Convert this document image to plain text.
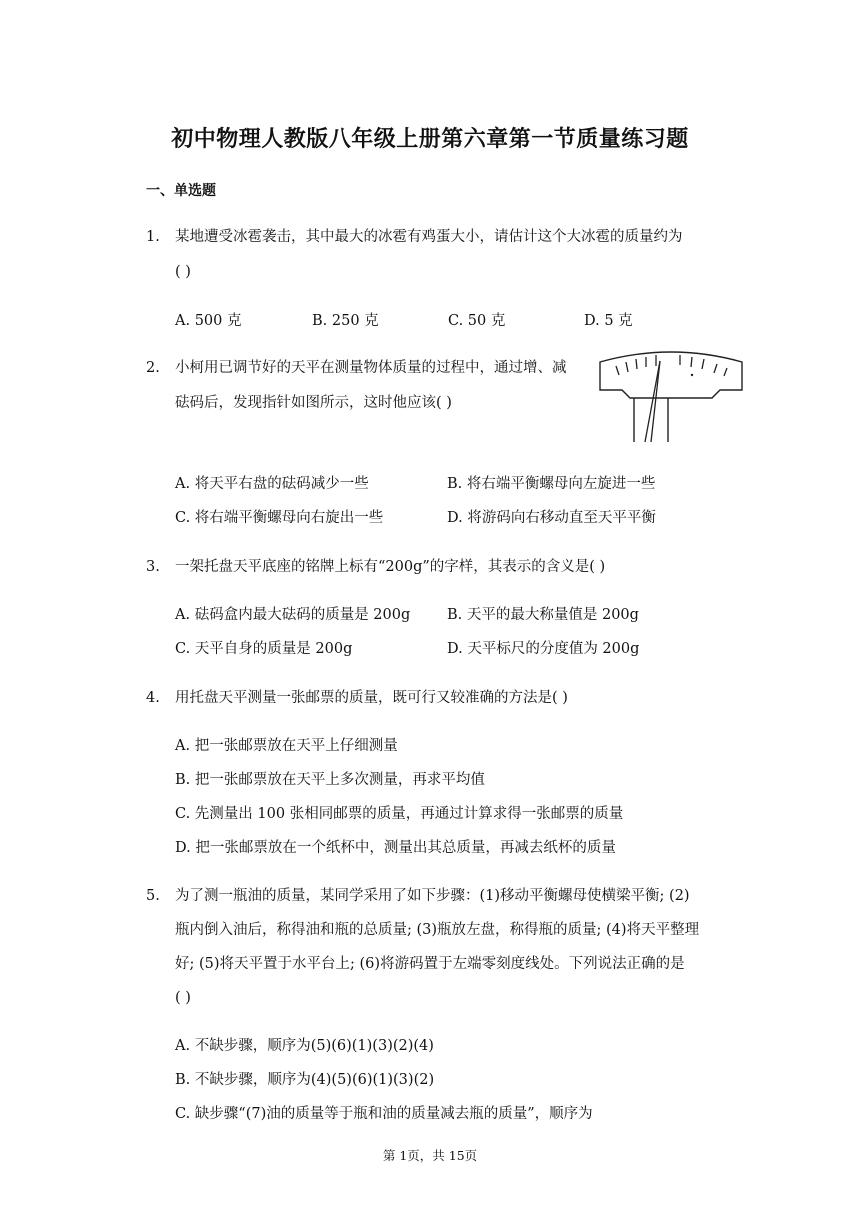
初中物理人教版八年级上册第六章第一节质量练习题
一、单选题
1. 某地遭受冰雹袭击，其中最大的冰雹有鸡蛋大小，请估计这个大冰雹的质量约为
( )
A. 500 克	B. 250 克	C. 50 克	D. 5 克
2. 小柯用已调节好的天平在测量物体质量的过程中，通过增、减
砝码后，发现指针如图所示，这时他应该( )
A. 将天平右盘的砝码减少一些	B. 将右端平衡螺母向左旋进一些
C. 将右端平衡螺母向右旋出一些	D. 将游码向右移动直至天平平衡
3. 一架托盘天平底座的铭牌上标有“200g”的字样，其表示的含义是( )
A. 砝码盒内最大砝码的质量是 200g	B. 天平的最大称量值是 200g
C. 天平自身的质量是 200g	D. 天平标尺的分度值为 200g
4. 用托盘天平测量一张邮票的质量，既可行又较准确的方法是( )
A. 把一张邮票放在天平上仔细测量
B. 把一张邮票放在天平上多次测量，再求平均值
C. 先测量出 100 张相同邮票的质量，再通过计算求得一张邮票的质量
D. 把一张邮票放在一个纸杯中，测量出其总质量，再减去纸杯的质量
5. 为了测一瓶油的质量，某同学采用了如下步骤：(1)移动平衡螺母使横梁平衡; (2)
瓶内倒入油后，称得油和瓶的总质量; (3)瓶放左盘，称得瓶的质量; (4)将天平整理
好; (5)将天平置于水平台上; (6)将游码置于左端零刻度线处。下列说法正确的是
( )
A. 不缺步骤，顺序为(5)(6)(1)(3)(2)(4)
B. 不缺步骤，顺序为(4)(5)(6)(1)(3)(2)
C. 缺步骤“(7)油的质量等于瓶和油的质量减去瓶的质量”，顺序为
第 1页，共 15页
